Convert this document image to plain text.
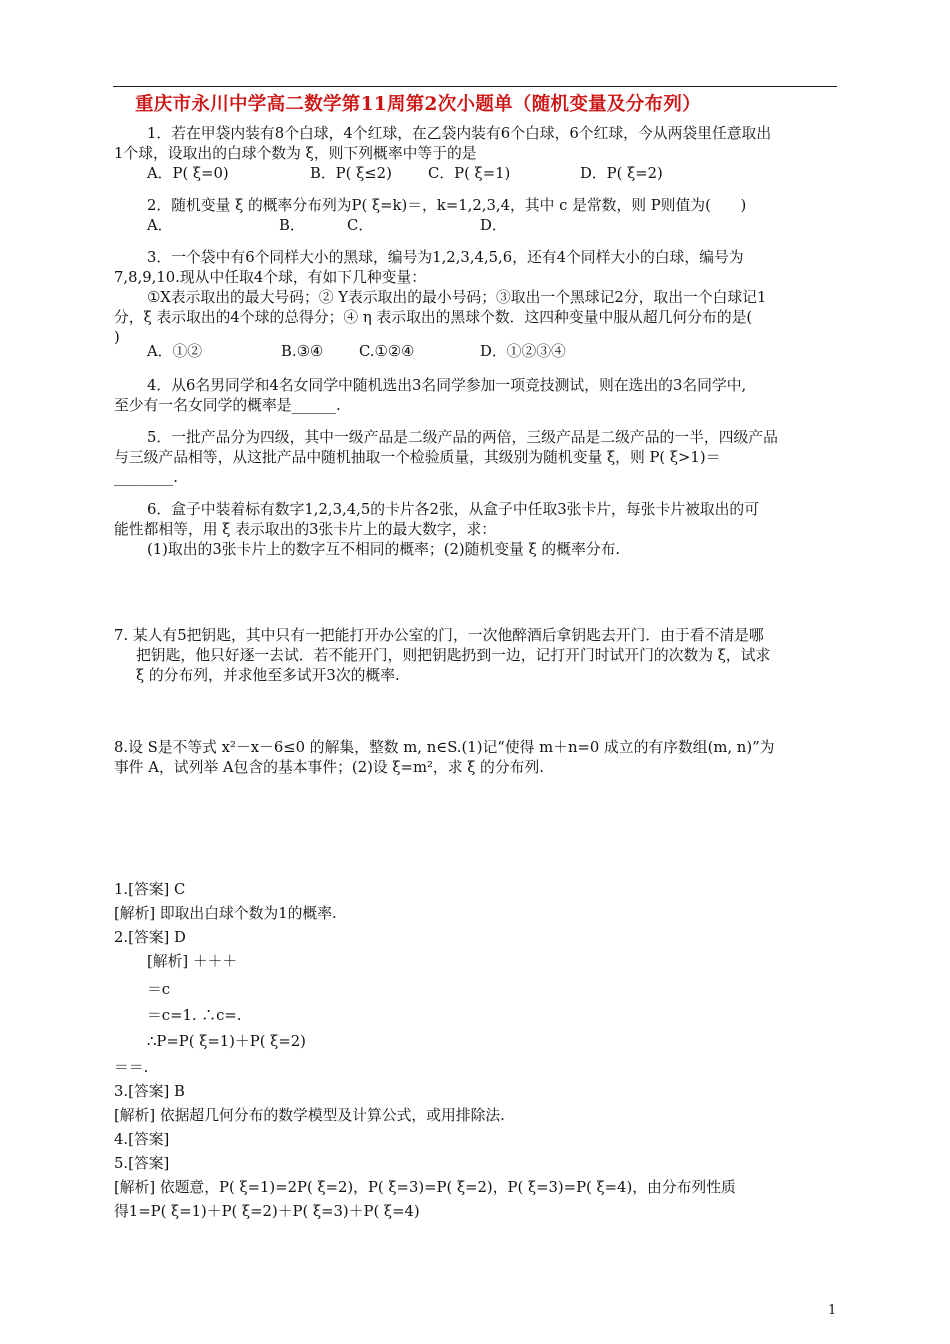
重庆市永川中学高二数学第11周第2次小题单（随机变量及分布列）
1．若在甲袋内装有8个白球，4个红球，在乙袋内装有6个白球，6个红球，今从两袋里任意取出
1个球，设取出的白球个数为 ξ，则下列概率中等于的是
A．P( ξ=0)	B．P( ξ≤2) C．P( ξ=1)	D．P( ξ=2)
2．随机变量 ξ 的概率分布列为P( ξ=k)＝，k=1,2,3,4，其中 c 是常数，则 P则值为(　　)
A．	B．	C．	D．
3．一个袋中有6个同样大小的黑球，编号为1,2,3,4,5,6，还有4个同样大小的白球，编号为
7,8,9,10.现从中任取4个球，有如下几种变量：
①X表示取出的最大号码；② Y表示取出的最小号码；③取出一个黑球记2分，取出一个白球记1
分，ξ 表示取出的4个球的总得分；④ η 表示取出的黑球个数．这四种变量中服从超几何分布的是(
)
A．①②	B.③④ C.①②④	D．①②③④
4．从6名男同学和4名女同学中随机选出3名同学参加一项竞技测试，则在选出的3名同学中,
至少有一名女同学的概率是______.
5．一批产品分为四级，其中一级产品是二级产品的两倍，三级产品是二级产品的一半，四级产品
与三级产品相等，从这批产品中随机抽取一个检验质量，其级别为随机变量 ξ，则 P( ξ>1)＝
________.
6．盒子中装着标有数字1,2,3,4,5的卡片各2张，从盒子中任取3张卡片，每张卡片被取出的可
能性都相等，用 ξ 表示取出的3张卡片上的最大数字，求：
(1)取出的3张卡片上的数字互不相同的概率；(2)随机变量 ξ 的概率分布.
7. 某人有5把钥匙，其中只有一把能打开办公室的门，一次他醉酒后拿钥匙去开门．由于看不清是哪
把钥匙，他只好逐一去试．若不能开门，则把钥匙扔到一边，记打开门时试开门的次数为 ξ，试求
ξ 的分布列，并求他至多试开3次的概率.
8.设 S是不等式 x²－x－6≤0 的解集，整数 m, n∈S.(1)记“使得 m＋n=0 成立的有序数组(m, n)”为
事件 A，试列举 A包含的基本事件；(2)设 ξ=m²，求 ξ 的分布列.
1.[答案] C
[解析] 即取出白球个数为1的概率.
2.[答案] D
[解析] ＋＋＋
＝c
＝c=1. ∴c=.
∴P=P( ξ=1)＋P( ξ=2)
＝＝.
3.[答案] B
[解析] 依据超几何分布的数学模型及计算公式，或用排除法.
4.[答案]
5.[答案]
[解析] 依题意，P( ξ=1)=2P( ξ=2)，P( ξ=3)=P( ξ=2)，P( ξ=3)=P( ξ=4)，由分布列性质
得1=P( ξ=1)＋P( ξ=2)＋P( ξ=3)＋P( ξ=4)
1
